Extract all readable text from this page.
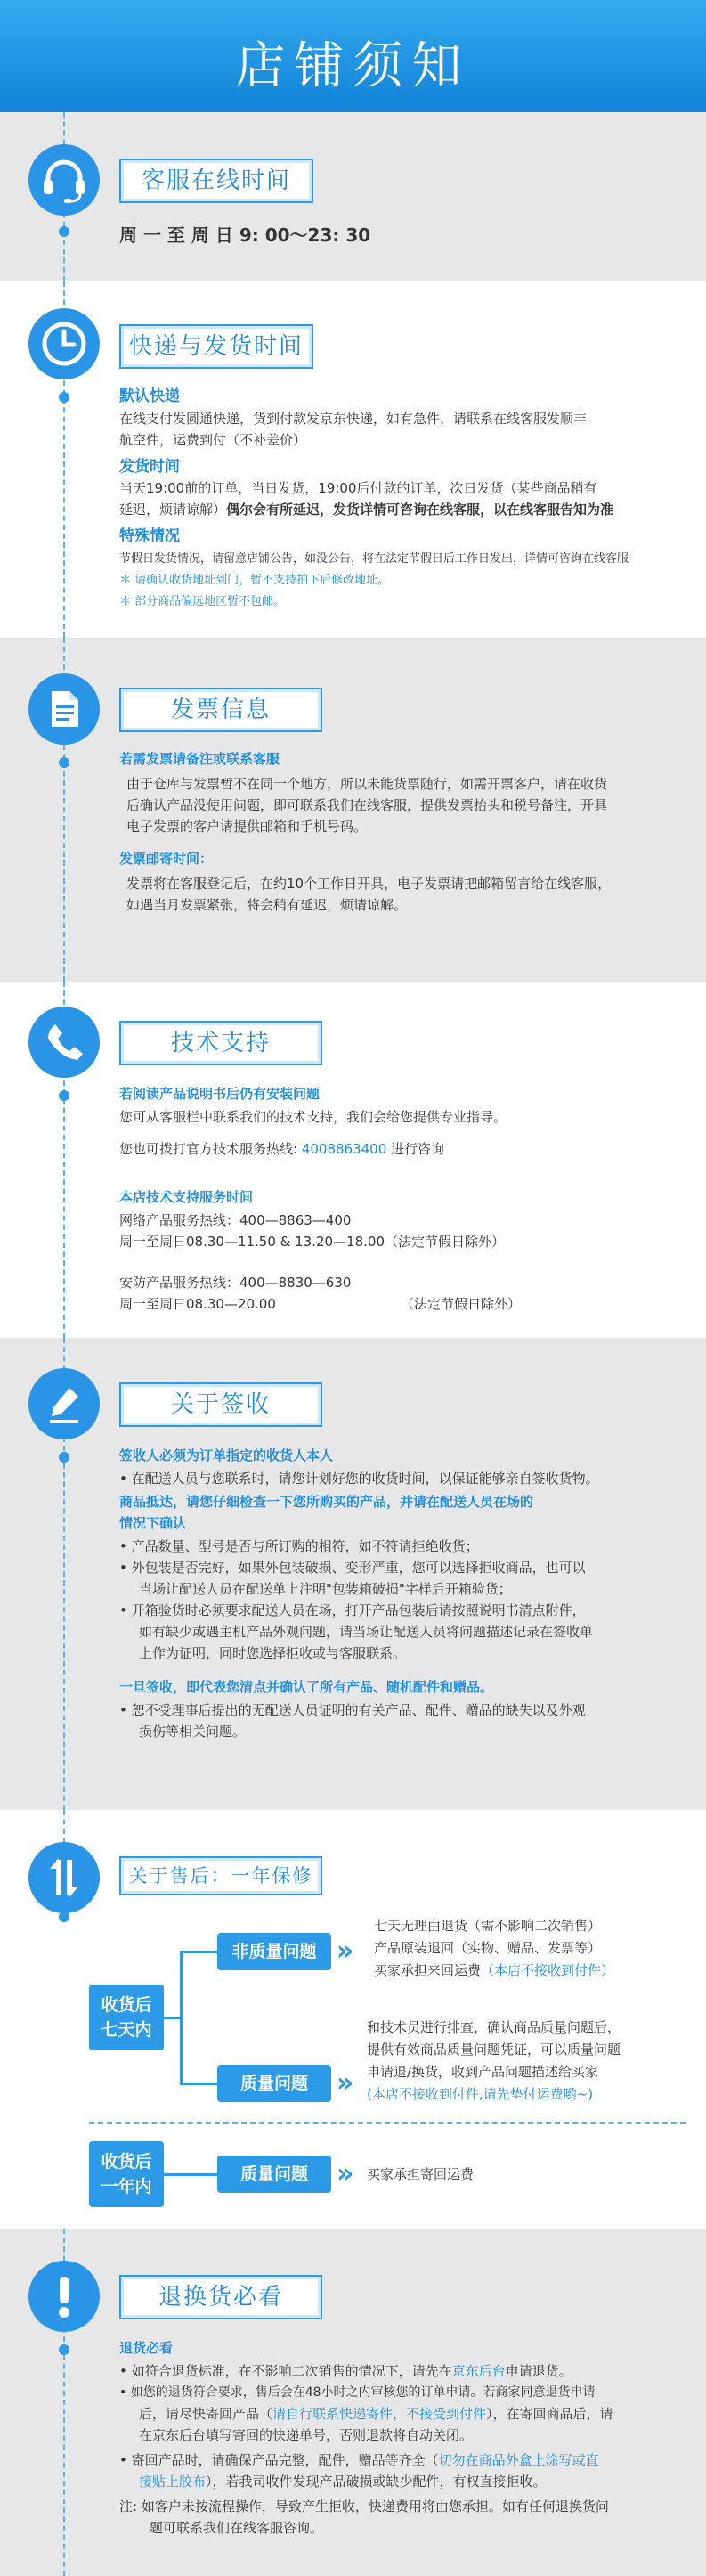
店铺须知
客服在线时间
周 一 至 周 日 9: 00～23: 30
快递与发货时间
默认快递
在线支付发圆通快递，货到付款发京东快递，如有急件，请联系在线客服发顺丰
航空件，运费到付（不补差价）
发货时间
当天19:00前的订单，当日发货，19:00后付款的订单，次日发货（某些商品稍有
延迟，烦请谅解）偶尔会有所延迟，发货详情可咨询在线客服，以在线客服告知为准
特殊情况
节假日发货情况，请留意店铺公告，如没公告，将在法定节假日后工作日发出，详情可咨询在线客服
＊ 请确认收货地址到门，暂不支持拍下后修改地址。
＊ 部分商品偏远地区暂不包邮。
发票信息
若需发票请备注或联系客服
由于仓库与发票暂不在同一个地方，所以未能货票随行，如需开票客户，请在收货
后确认产品没使用问题，即可联系我们在线客服，提供发票抬头和税号备注，开具
电子发票的客户请提供邮箱和手机号码。
发票邮寄时间：
发票将在客服登记后，在约10个工作日开具，电子发票请把邮箱留言给在线客服，
如遇当月发票紧张，将会稍有延迟，烦请谅解。
技术支持
若阅读产品说明书后仍有安装问题
您可从客服栏中联系我们的技术支持，我们会给您提供专业指导。
您也可拨打官方技术服务热线: 4008863400 进行咨询
本店技术支持服务时间
网络产品服务热线：400—8863—400
周一至周日08.30—11.50 & 13.20—18.00（法定节假日除外）
安防产品服务热线：400—8830—630
周一至周日08.30—20.00	（法定节假日除外）
关于签收
签收人必须为订单指定的收货人本人
• 在配送人员与您联系时，请您计划好您的收货时间，以保证能够亲自签收货物。
商品抵达，请您仔细检查一下您所购买的产品，并请在配送人员在场的
情况下确认
• 产品数量、型号是否与所订购的相符，如不符请拒绝收货；
• 外包装是否完好，如果外包装破损、变形严重，您可以选择拒收商品，也可以
当场让配送人员在配送单上注明"包装箱破损"字样后开箱验货；
• 开箱验货时必须要求配送人员在场，打开产品包装后请按照说明书清点附件，
如有缺少或遇主机产品外观问题，请当场让配送人员将问题描述记录在签收单
上作为证明，同时您选择拒收或与客服联系。
一旦签收，即代表您清点并确认了所有产品、随机配件和赠品。
• 恕不受理事后提出的无配送人员证明的有关产品、配件、赠品的缺失以及外观
损伤等相关问题。
关于售后：一年保修
收货后
七天内
非质量问题 »
七天无理由退货（需不影响二次销售）
产品原装退回（实物、赠品、发票等）
买家承担来回运费（本店不接收到付件）
质量问题	»
和技术员进行排查，确认商品质量问题后，
提供有效商品质量问题凭证，可以质量问题
申请退/换货，收到产品问题描述给买家
(本店不接收到付件,请先垫付运费哟~)
收货后
一年内
质量问题	» 买家承担寄回运费
退换货必看
退货必看
• 如符合退货标准，在不影响二次销售的情况下，请先在京东后台申请退货。
• 如您的退货符合要求，售后会在48小时之内审核您的订单申请。若商家同意退货申请
后，请尽快寄回产品（请自行联系快递寄件，不接受到付件），在寄回商品后，请
在京东后台填写寄回的快递单号，否则退款将自动关闭。
• 寄回产品时，请确保产品完整，配件，赠品等齐全（切勿在商品外盒上涂写或直
接贴上胶布），若我司收件发现产品破损或缺少配件，有权直接拒收。
注: 如客户未按流程操作，导致产生拒收，快递费用将由您承担。如有任何退换货问
题可联系我们在线客服咨询。
